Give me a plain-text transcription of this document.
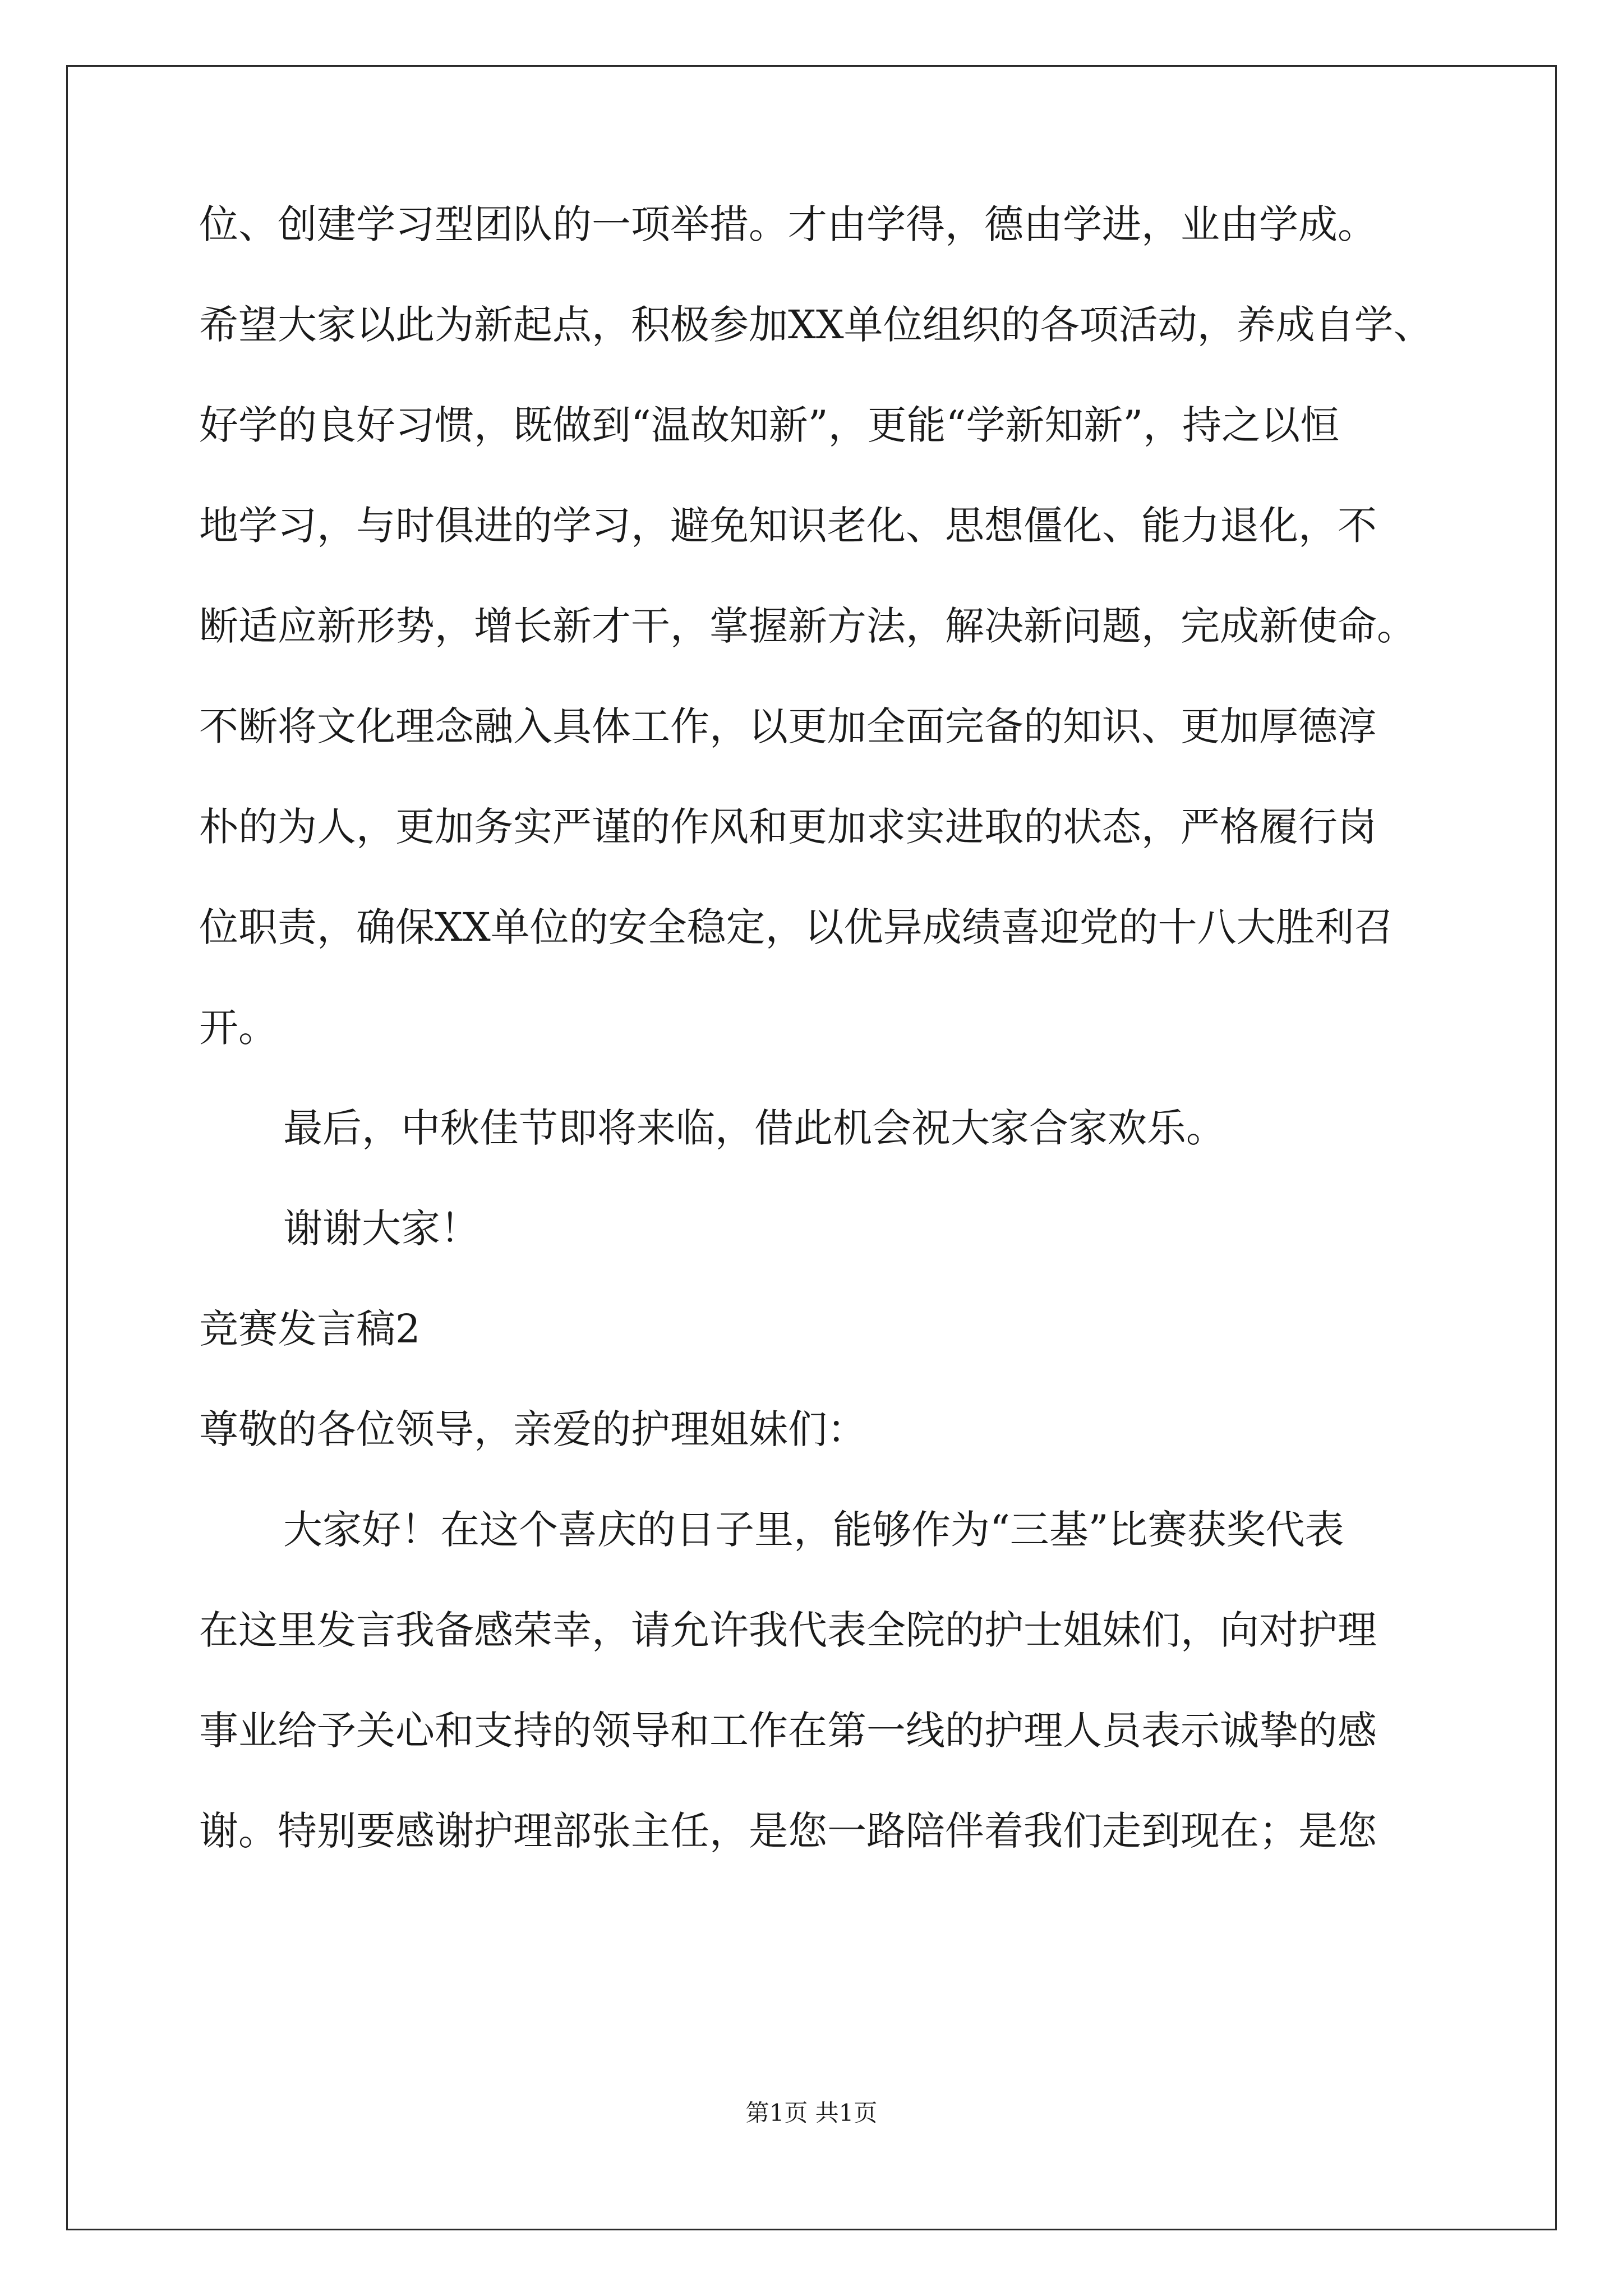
位、创建学习型团队的一项举措。才由学得，德由学进，业由学成。
希望大家以此为新起点，积极参加XX单位组织的各项活动，养成自学、
好学的良好习惯，既做到“温故知新”，更能“学新知新”，持之以恒
地学习，与时俱进的学习，避免知识老化、思想僵化、能力退化，不
断适应新形势，增长新才干，掌握新方法，解决新问题，完成新使命。
不断将文化理念融入具体工作，以更加全面完备的知识、更加厚德淳
朴的为人，更加务实严谨的作风和更加求实进取的状态，严格履行岗
位职责，确保XX单位的安全稳定，以优异成绩喜迎党的十八大胜利召
开。
最后，中秋佳节即将来临，借此机会祝大家合家欢乐。
谢谢大家！
竞赛发言稿2
尊敬的各位领导，亲爱的护理姐妹们：
大家好！在这个喜庆的日子里，能够作为“三基”比赛获奖代表
在这里发言我备感荣幸，请允许我代表全院的护士姐妹们，向对护理
事业给予关心和支持的领导和工作在第一线的护理人员表示诚挚的感
谢。特别要感谢护理部张主任，是您一路陪伴着我们走到现在；是您
第1页 共1页
